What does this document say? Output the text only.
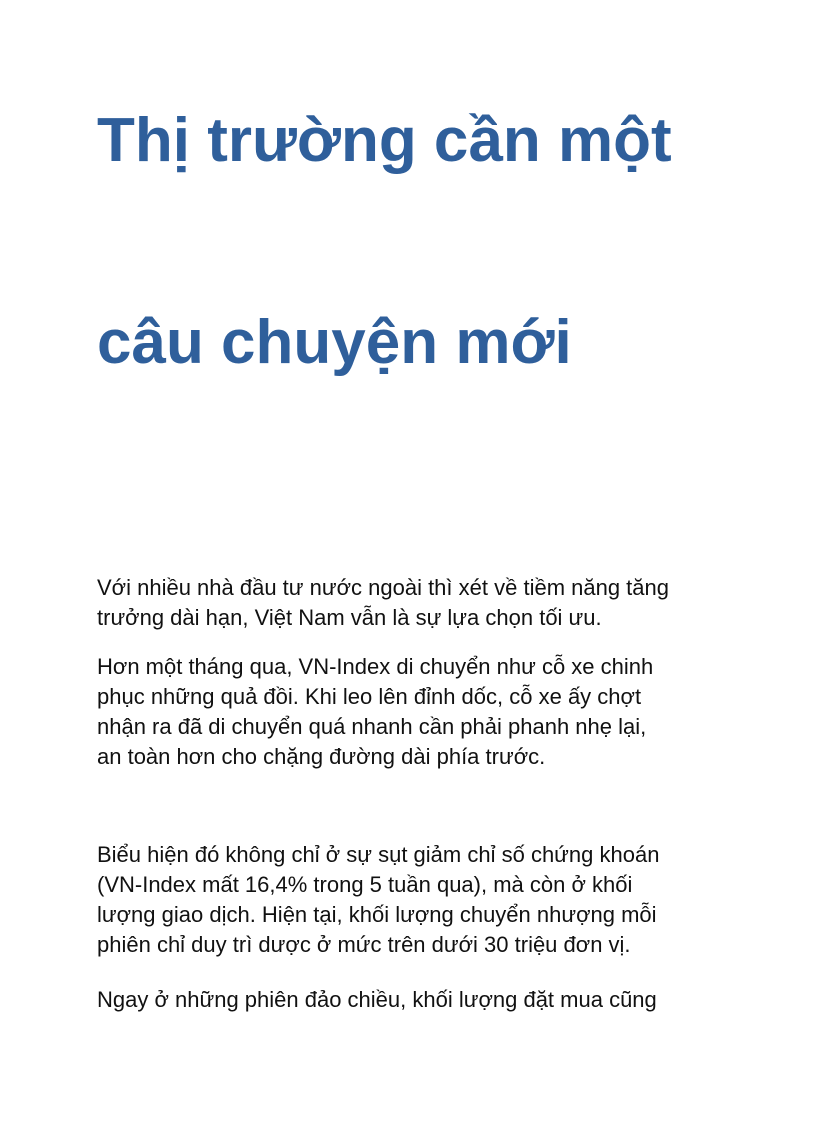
Thị trường cần một
câu chuyện mới

Với nhiều nhà đầu tư nước ngoài thì xét về tiềm năng tăng
trưởng dài hạn, Việt Nam vẫn là sự lựa chọn tối ưu.

Hơn một tháng qua, VN-Index di chuyển như cỗ xe chinh
phục những quả đồi. Khi leo lên đỉnh dốc, cỗ xe ấy chợt
nhận ra đã di chuyển quá nhanh cần phải phanh nhẹ lại,
an toàn hơn cho chặng đường dài phía trước.

Biểu hiện đó không chỉ ở sự sụt giảm chỉ số chứng khoán
(VN-Index mất 16,4% trong 5 tuần qua), mà còn ở khối
lượng giao dịch. Hiện tại, khối lượng chuyển nhượng mỗi
phiên chỉ duy trì dược ở mức trên dưới 30 triệu đơn vị.

Ngay ở những phiên đảo chiều, khối lượng đặt mua cũng
